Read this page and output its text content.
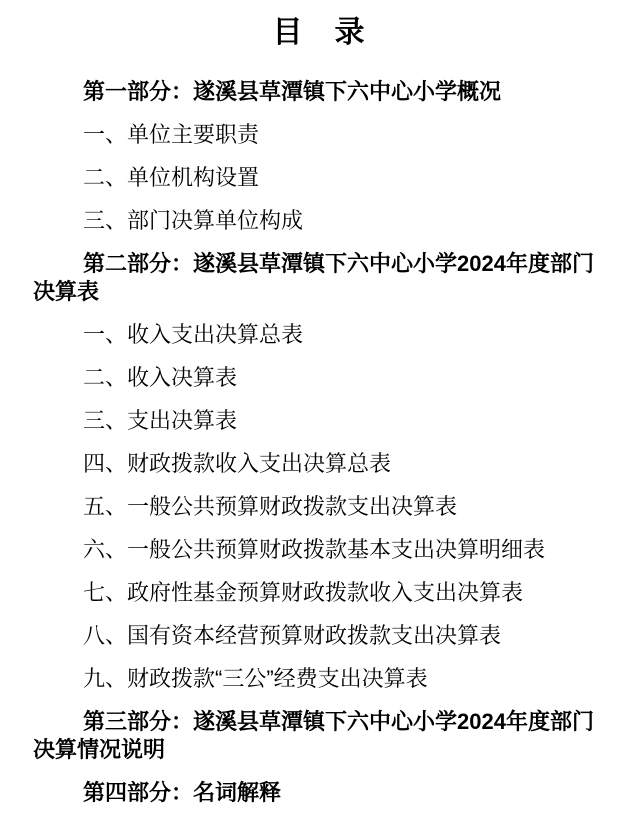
目　录

第一部分：遂溪县草潭镇下六中心小学概况

一、单位主要职责

二、单位机构设置

三、部门决算单位构成

第二部分：遂溪县草潭镇下六中心小学2024年度部门决算表

一、收入支出决算总表

二、收入决算表

三、支出决算表

四、财政拨款收入支出决算总表

五、一般公共预算财政拨款支出决算表

六、一般公共预算财政拨款基本支出决算明细表

七、政府性基金预算财政拨款收入支出决算表

八、国有资本经营预算财政拨款支出决算表

九、财政拨款“三公”经费支出决算表

第三部分：遂溪县草潭镇下六中心小学2024年度部门决算情况说明

第四部分：名词解释
